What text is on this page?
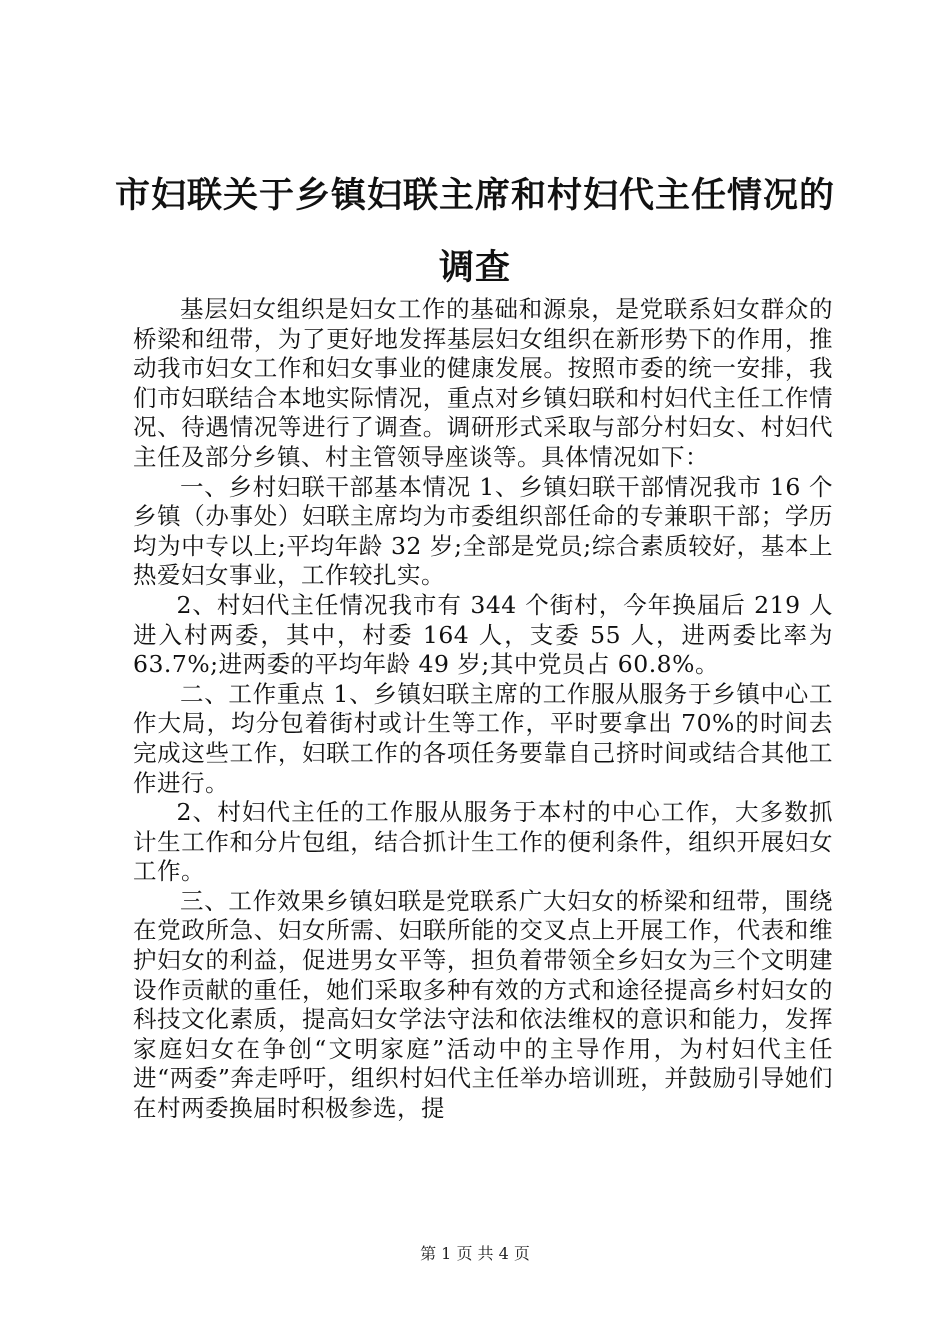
市妇联关于乡镇妇联主席和村妇代主任情况的调查

基层妇女组织是妇女工作的基础和源泉，是党联系妇女群众的桥梁和纽带，为了更好地发挥基层妇女组织在新形势下的作用，推动我市妇女工作和妇女事业的健康发展。按照市委的统一安排，我们市妇联结合本地实际情况，重点对乡镇妇联和村妇代主任工作情况、待遇情况等进行了调查。调研形式采取与部分村妇女、村妇代主任及部分乡镇、村主管领导座谈等。具体情况如下：

一、乡村妇联干部基本情况 1、乡镇妇联干部情况我市 16 个乡镇（办事处）妇联主席均为市委组织部任命的专兼职干部；学历均为中专以上;平均年龄 32 岁;全部是党员;综合素质较好，基本上热爱妇女事业，工作较扎实。

2、村妇代主任情况我市有 344 个街村，今年换届后 219 人进入村两委，其中，村委 164 人，支委 55 人，进两委比率为 63.7%;进两委的平均年龄 49 岁;其中党员占 60.8%。

二、工作重点 1、乡镇妇联主席的工作服从服务于乡镇中心工作大局，均分包着街村或计生等工作，平时要拿出 70%的时间去完成这些工作，妇联工作的各项任务要靠自己挤时间或结合其他工作进行。

2、村妇代主任的工作服从服务于本村的中心工作，大多数抓计生工作和分片包组，结合抓计生工作的便利条件，组织开展妇女工作。

三、工作效果乡镇妇联是党联系广大妇女的桥梁和纽带，围绕在党政所急、妇女所需、妇联所能的交叉点上开展工作，代表和维护妇女的利益，促进男女平等，担负着带领全乡妇女为三个文明建设作贡献的重任，她们采取多种有效的方式和途径提高乡村妇女的科技文化素质，提高妇女学法守法和依法维权的意识和能力，发挥家庭妇女在争创“文明家庭”活动中的主导作用，为村妇代主任进“两委”奔走呼吁，组织村妇代主任举办培训班，并鼓励引导她们在村两委换届时积极参选，提

第 1 页 共 4 页
